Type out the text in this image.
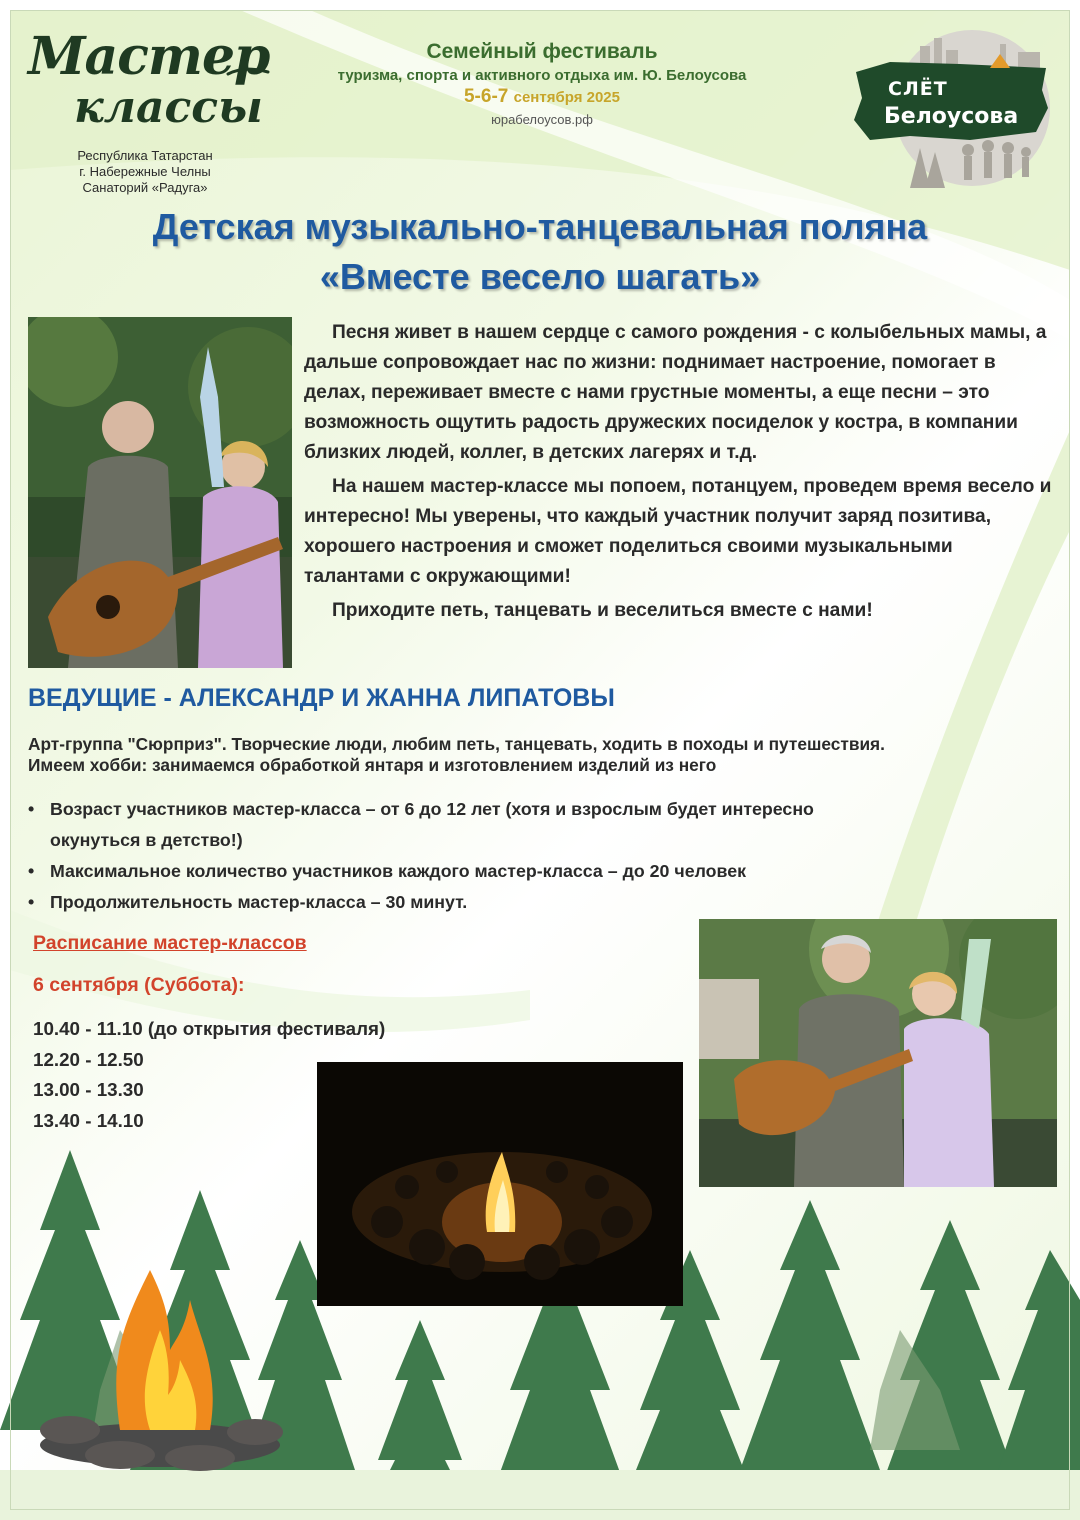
Мастер
классы
Республика Татарстан
г. Набережные Челны
Санаторий «Радуга»
Семейный фестиваль
туризма, спорта и активного отдыха им. Ю. Белоусова
5-6-7 сентября 2025
юрабелоусов.рф
СЛЁТ
Белоусова
Детская музыкально-танцевальная поляна
«Вместе весело шагать»

Песня живет в нашем сердце с самого рождения - с колыбельных мамы, а дальше сопровождает нас по жизни: поднимает настроение, помогает в делах, переживает вместе с нами грустные моменты, а еще песни – это возможность ощутить радость дружеских посиделок у костра, в компании близких людей, коллег, в детских лагерях и т.д.

На нашем мастер-классе мы попоем, потанцуем, проведем время весело и интересно! Мы уверены, что каждый участник получит заряд позитива, хорошего настроения и сможет поделиться своими музыкальными талантами с окружающими!

Приходите петь, танцевать и веселиться вместе с нами!

ВЕДУЩИЕ - АЛЕКСАНДР И ЖАННА ЛИПАТОВЫ
Арт-группа "Сюрприз". Творческие люди, любим петь, танцевать, ходить в походы и путешествия.
Имеем хобби: занимаемся обработкой янтаря и изготовлением изделий из него
• Возраст участников мастер-класса – от 6 до 12 лет (хотя и взрослым будет интересно
окунуться в детство!)
• Максимальное количество участников каждого мастер-класса – до 20 человек
• Продолжительность мастер-класса – 30 минут.
Расписание мастер-классов
6 сентября (Суббота):
10.40 - 11.10 (до открытия фестиваля)
12.20 - 12.50
13.00 - 13.30
13.40 - 14.10
